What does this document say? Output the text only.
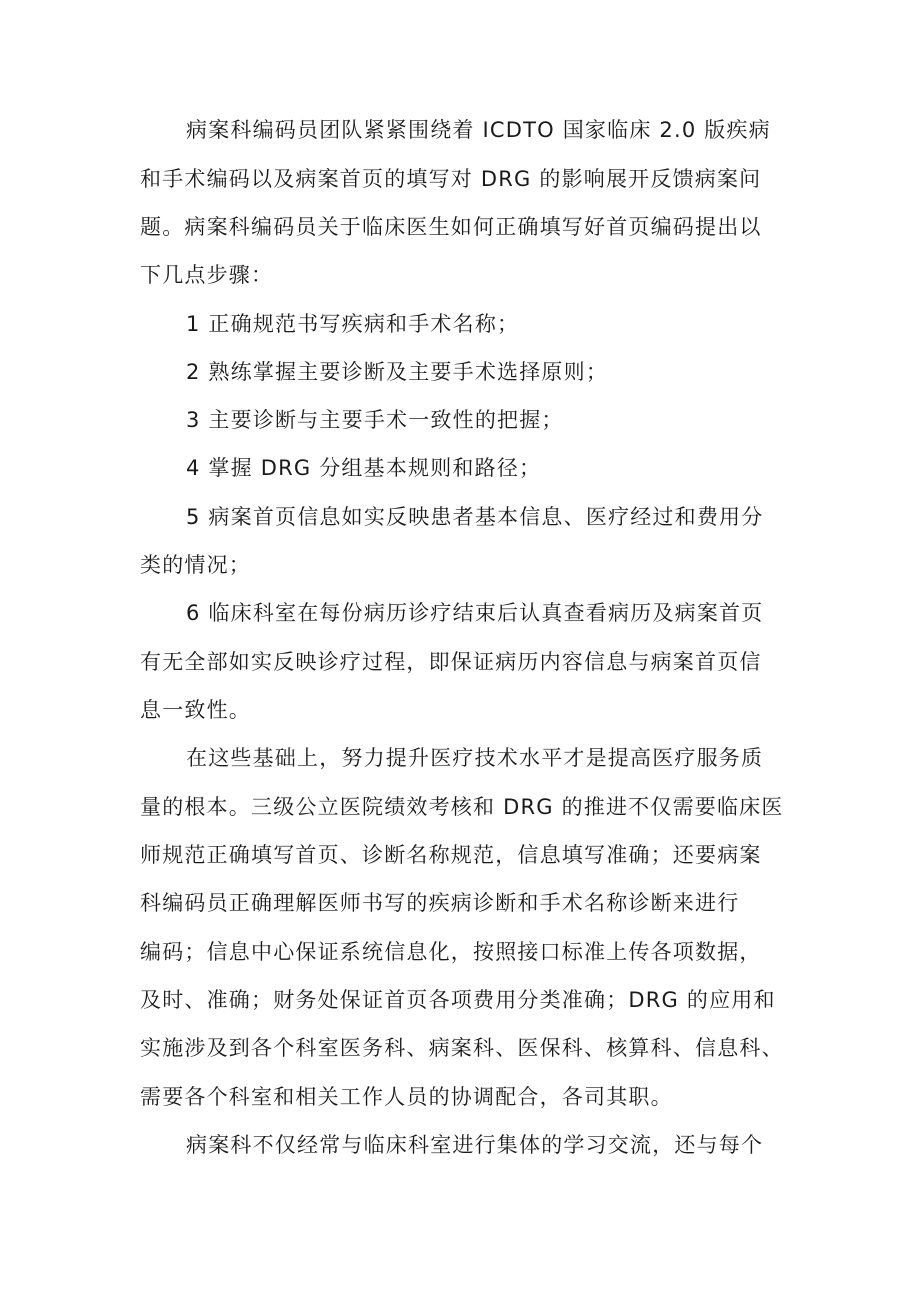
病案科编码员团队紧紧围绕着 ICDTO 国家临床 2.0 版疾病
和手术编码以及病案首页的填写对 DRG 的影响展开反馈病案问
题。病案科编码员关于临床医生如何正确填写好首页编码提出以
下几点步骤：
1 正确规范书写疾病和手术名称；
2 熟练掌握主要诊断及主要手术选择原则；
3 主要诊断与主要手术一致性的把握；
4 掌握 DRG 分组基本规则和路径；
5 病案首页信息如实反映患者基本信息、医疗经过和费用分
类的情况；
6 临床科室在每份病历诊疗结束后认真查看病历及病案首页
有无全部如实反映诊疗过程，即保证病历内容信息与病案首页信
息一致性。
在这些基础上，努力提升医疗技术水平才是提高医疗服务质
量的根本。三级公立医院绩效考核和 DRG 的推进不仅需要临床医
师规范正确填写首页、诊断名称规范，信息填写准确；还要病案
科编码员正确理解医师书写的疾病诊断和手术名称诊断来进行
编码；信息中心保证系统信息化，按照接口标准上传各项数据，
及时、准确；财务处保证首页各项费用分类准确；DRG 的应用和
实施涉及到各个科室医务科、病案科、医保科、核算科、信息科、
需要各个科室和相关工作人员的协调配合，各司其职。
病案科不仅经常与临床科室进行集体的学习交流，还与每个
